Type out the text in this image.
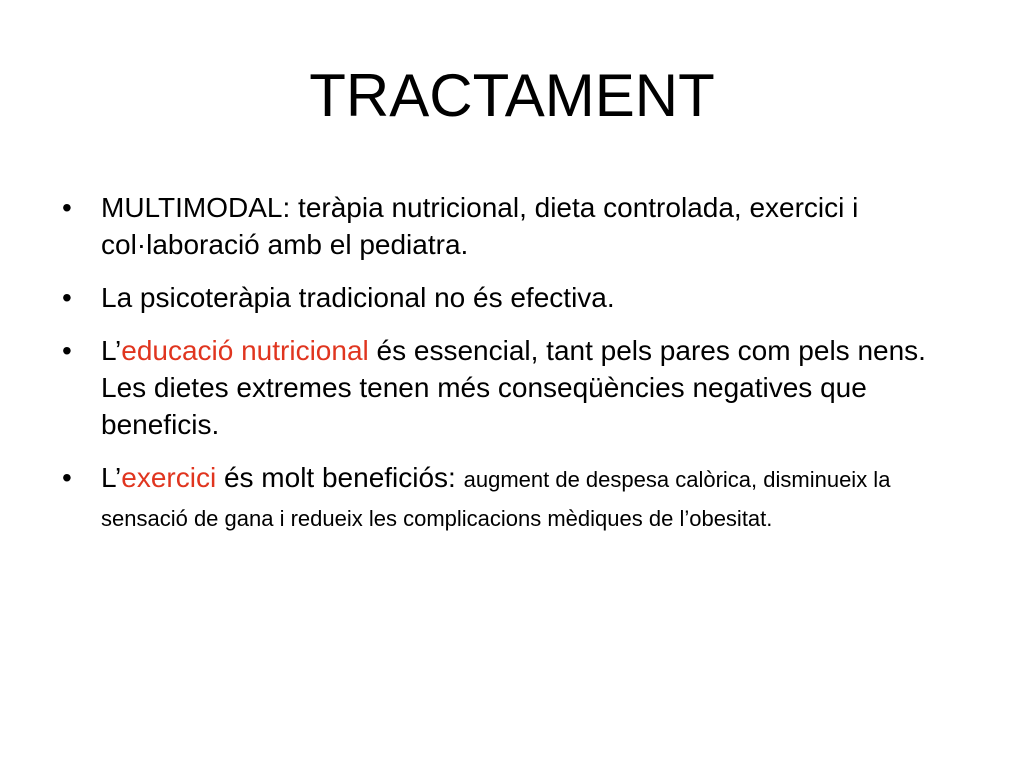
TRACTAMENT
• MULTIMODAL: teràpia nutricional, dieta controlada, exercici i col·laboració amb el pediatra.
• La psicoteràpia tradicional no és efectiva.
• L’educació nutricional és essencial, tant pels pares com pels nens. Les dietes extremes tenen més conseqüències negatives que beneficis.
• L’exercici és molt beneficiós: augment de despesa calòrica, disminueix la sensació de gana i redueix les complicacions mèdiques de l’obesitat.
